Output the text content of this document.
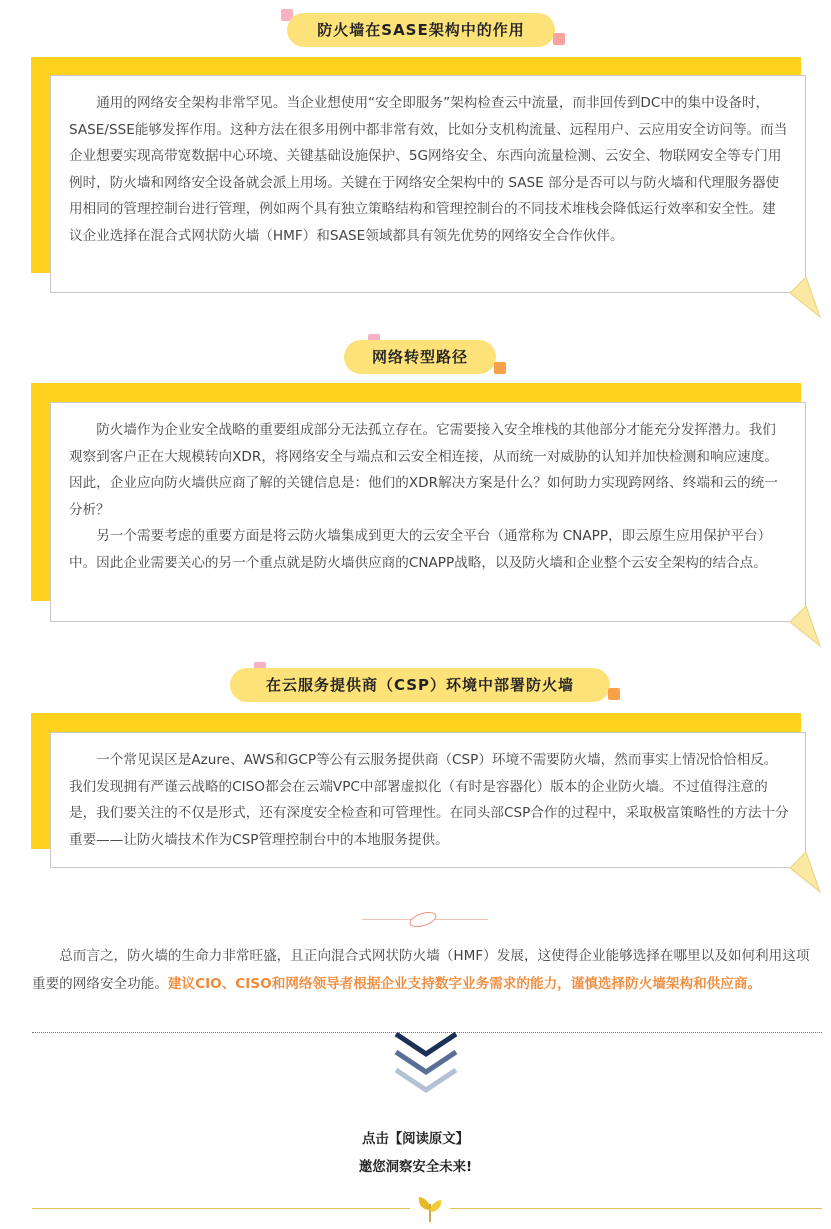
防火墙在SASE架构中的作用

通用的网络安全架构非常罕见。当企业想使用“安全即服务”架构检查云中流量，而非回传到DC中的集中设备时，SASE/SSE能够发挥作用。这种方法在很多用例中都非常有效，比如分支机构流量、远程用户、云应用安全访问等。而当企业想要实现高带宽数据中心环境、关键基础设施保护、5G网络安全、东西向流量检测、云安全、物联网安全等专门用例时，防火墙和网络安全设备就会派上用场。关键在于网络安全架构中的 SASE 部分是否可以与防火墙和代理服务器使用相同的管理控制台进行管理，例如两个具有独立策略结构和管理控制台的不同技术堆栈会降低运行效率和安全性。建议企业选择在混合式网状防火墙（HMF）和SASE领域都具有领先优势的网络安全合作伙伴。

网络转型路径

防火墙作为企业安全战略的重要组成部分无法孤立存在。它需要接入安全堆栈的其他部分才能充分发挥潜力。我们观察到客户正在大规模转向XDR，将网络安全与端点和云安全相连接，从而统一对威胁的认知并加快检测和响应速度。因此，企业应向防火墙供应商了解的关键信息是：他们的XDR解决方案是什么？如何助力实现跨网络、终端和云的统一分析？

另一个需要考虑的重要方面是将云防火墙集成到更大的云安全平台（通常称为 CNAPP，即云原生应用保护平台）中。因此企业需要关心的另一个重点就是防火墙供应商的CNAPP战略，以及防火墙和企业整个云安全架构的结合点。

在云服务提供商（CSP）环境中部署防火墙

一个常见误区是Azure、AWS和GCP等公有云服务提供商（CSP）环境不需要防火墙，然而事实上情况恰恰相反。我们发现拥有严谨云战略的CISO都会在云端VPC中部署虚拟化（有时是容器化）版本的企业防火墙。不过值得注意的是，我们要关注的不仅是形式，还有深度安全检查和可管理性。在同头部CSP合作的过程中，采取极富策略性的方法十分重要——让防火墙技术作为CSP管理控制台中的本地服务提供。

总而言之，防火墙的生命力非常旺盛，且正向混合式网状防火墙（HMF）发展，这使得企业能够选择在哪里以及如何利用这项重要的网络安全功能。建议CIO、CISO和网络领导者根据企业支持数字业务需求的能力，谨慎选择防火墙架构和供应商。

点击【阅读原文】
邀您洞察安全未来!
